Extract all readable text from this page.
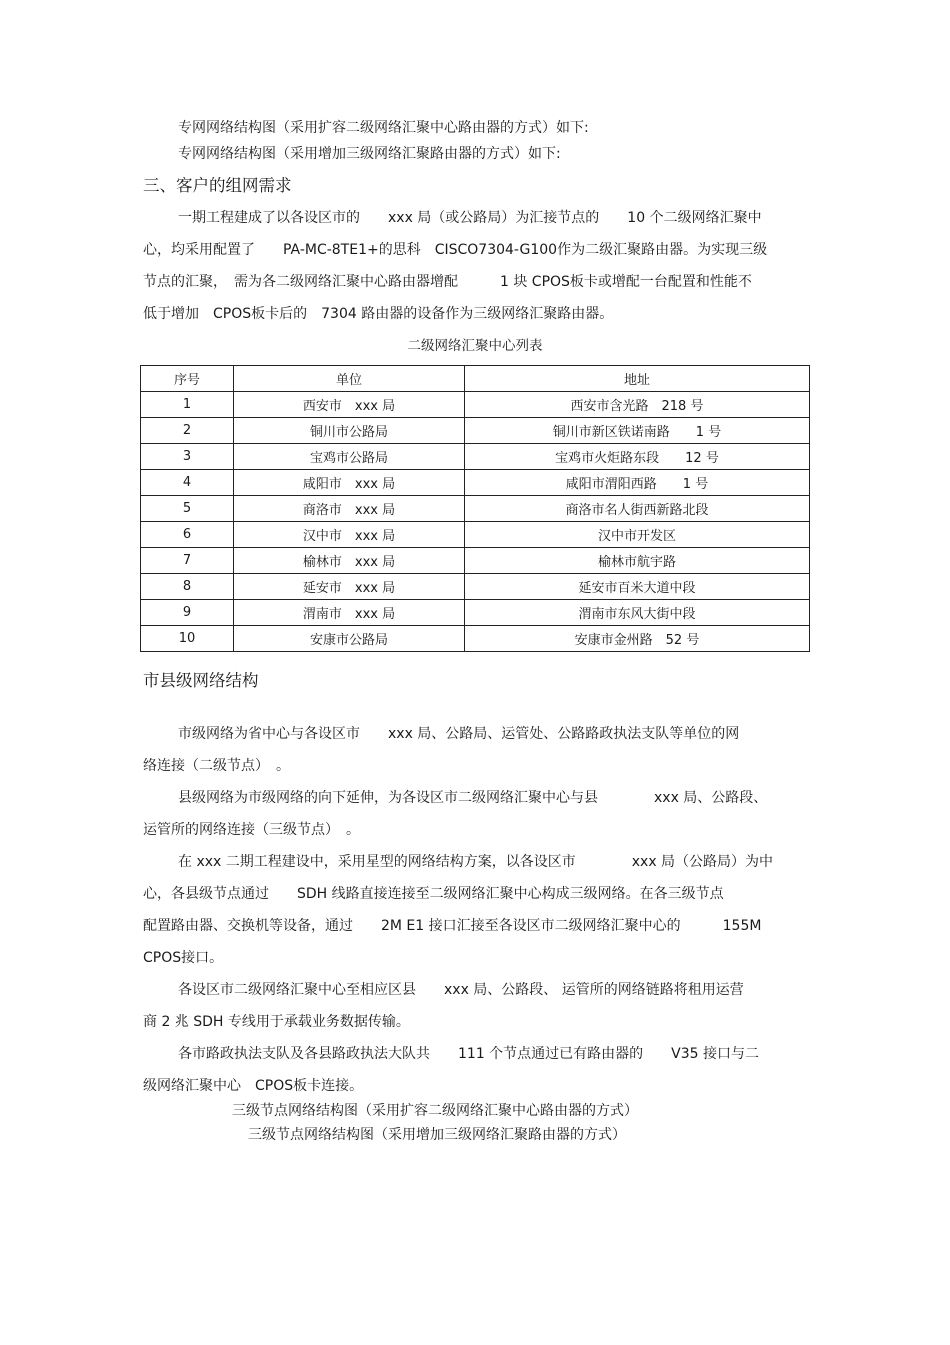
专网网络结构图（采用扩容二级网络汇聚中心路由器的方式）如下:
专网网络结构图（采用增加三级网络汇聚路由器的方式）如下:
三、客户的组网需求
一期工程建成了以各设区市的　　xxx 局（或公路局）为汇接节点的　　10 个二级网络汇聚中
心，均采用配置了　　PA-MC-8TE1+的思科　CISCO7304-G100作为二级汇聚路由器。为实现三级
节点的汇聚，　需为各二级网络汇聚中心路由器增配　　　1 块 CPOS板卡或增配一台配置和性能不
低于增加　CPOS板卡后的　7304 路由器的设备作为三级网络汇聚路由器。
二级网络汇聚中心列表
序号	单位	地址
1	西安市　xxx 局	西安市含光路　218 号
2	铜川市公路局	铜川市新区铁诺南路　　1 号
3	宝鸡市公路局	宝鸡市火炬路东段　　12 号
4	咸阳市　xxx 局	咸阳市渭阳西路　　1 号
5	商洛市　xxx 局	商洛市名人街西新路北段
6	汉中市　xxx 局	汉中市开发区
7	榆林市　xxx 局	榆林市航宇路
8	延安市　xxx 局	延安市百米大道中段
9	渭南市　xxx 局	渭南市东风大街中段
10	安康市公路局	安康市金州路　52 号
市县级网络结构
市级网络为省中心与各设区市　　xxx 局、公路局、运管处、公路路政执法支队等单位的网
络连接（二级节点）　。
县级网络为市级网络的向下延伸，为各设区市二级网络汇聚中心与县　　　　xxx 局、公路段、
运管所的网络连接（三级节点）　。
在 xxx 二期工程建设中，采用星型的网络结构方案，以各设区市　　　　xxx 局（公路局）为中
心，各县级节点通过　　SDH 线路直接连接至二级网络汇聚中心构成三级网络。在各三级节点
配置路由器、交换机等设备，通过　　2M E1 接口汇接至各设区市二级网络汇聚中心的　　　155M
CPOS接口。
各设区市二级网络汇聚中心至相应区县　　xxx 局、公路段、 运管所的网络链路将租用运营
商 2 兆 SDH 专线用于承载业务数据传输。
各市路政执法支队及各县路政执法大队共　　111 个节点通过已有路由器的　　V35 接口与二
级网络汇聚中心　CPOS板卡连接。
三级节点网络结构图（采用扩容二级网络汇聚中心路由器的方式）
三级节点网络结构图（采用增加三级网络汇聚路由器的方式）
